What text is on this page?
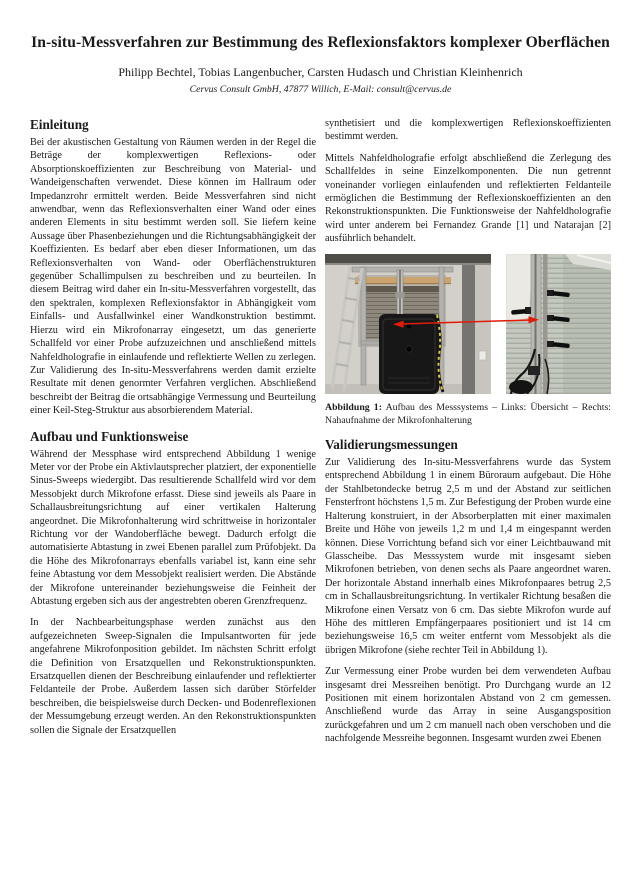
In-situ-Messverfahren zur Bestimmung des Reflexionsfaktors komplexer Oberflächen
Philipp Bechtel, Tobias Langenbucher, Carsten Hudasch und Christian Kleinhenrich
Cervus Consult GmbH, 47877 Willich, E-Mail: consult@cervus.de
Einleitung

Bei der akustischen Gestaltung von Räumen werden in der Regel die Beträge der komplexwertigen Reflexions- oder Absorptionskoeffizienten zur Beschreibung von Material- und Wandeigenschaften verwendet. Diese können im Hallraum oder Impedanzrohr ermittelt werden. Beide Messverfahren sind nicht anwendbar, wenn das Reflexionsverhalten einer Wand oder eines anderen Elements in situ bestimmt werden soll. Sie liefern keine Aussage über Phasenbeziehungen und die Richtungsabhängigkeit der Koeffizienten. Es bedarf aber eben dieser Informationen, um das Reflexionsverhalten von Wand- oder Oberflächenstrukturen gegenüber Schallimpulsen zu beschreiben und zu beurteilen. In diesem Beitrag wird daher ein In-situ-Messverfahren vorgestellt, das den spektralen, komplexen Reflexionsfaktor in Abhängigkeit vom Einfalls- und Ausfallwinkel einer Wandkonstruktion bestimmt. Hierzu wird ein Mikrofonarray eingesetzt, um das generierte Schallfeld vor einer Probe aufzuzeichnen und anschließend mittels Nahfeldholografie in einlaufende und reflektierte Wellen zu zerlegen. Zur Validierung des In-situ-Messverfahrens werden damit erzielte Resultate mit denen genormter Verfahren verglichen. Abschließend beschreibt der Beitrag die ortsabhängige Vermessung und Beurteilung einer Keil-Steg-Struktur aus absorbierendem Material.

Aufbau und Funktionsweise

Während der Messphase wird entsprechend Abbildung 1 wenige Meter vor der Probe ein Aktivlautsprecher platziert, der exponentielle Sinus-Sweeps wiedergibt. Das resultierende Schallfeld wird vor dem Messobjekt durch Mikrofone erfasst. Diese sind jeweils als Paare in Schallausbreitungsrichtung auf einer vertikalen Halterung angeordnet. Die Mikrofonhalterung wird schrittweise in horizontaler Richtung vor der Wandoberfläche bewegt. Dadurch erfolgt die automatisierte Abtastung in zwei Ebenen parallel zum Prüfobjekt. Da die Höhe des Mikrofonarrays ebenfalls variabel ist, kann eine sehr feine Abtastung vor dem Messobjekt realisiert werden. Die Abstände der Mikrofone untereinander beziehungsweise die Feinheit der Abtastung ergeben sich aus der angestrebten oberen Grenzfrequenz.

In der Nachbearbeitungsphase werden zunächst aus den aufgezeichneten Sweep-Signalen die Impulsantworten für jede angefahrene Mikrofonposition gebildet. Im nächsten Schritt erfolgt die Definition von Ersatzquellen und Rekonstruktionspunkten. Ersatzquellen dienen der Beschreibung einlaufender und reflektierter Feldanteile der Probe. Außerdem lassen sich darüber Störfelder beschreiben, die beispielsweise durch Decken- und Bodenreflexionen der Messumgebung erzeugt werden. An den Rekonstruktionspunkten sollen die Signale der Ersatzquellen

synthetisiert und die komplexwertigen Reflexionskoeffizienten bestimmt werden.

Mittels Nahfeldholografie erfolgt abschließend die Zerlegung des Schallfeldes in seine Einzelkomponenten. Die nun getrennt voneinander vorliegen einlaufenden und reflektierten Feldanteile ermöglichen die Bestimmung der Reflexionskoeffizienten an den Rekonstruktionspunkten. Die Funktionsweise der Nahfeldholografie wird unter anderem bei Fernandez Grande [1] und Natarajan [2] ausführlich behandelt.

Abbildung 1: Aufbau des Messsystems – Links: Übersicht – Rechts: Nahaufnahme der Mikrofonhalterung
Validierungsmessungen

Zur Validierung des In-situ-Messverfahrens wurde das System entsprechend Abbildung 1 in einem Büroraum aufgebaut. Die Höhe der Stahlbetondecke betrug 2,5 m und der Abstand zur seitlichen Fensterfront höchstens 1,5 m. Zur Befestigung der Proben wurde eine Halterung konstruiert, in der Absorberplatten mit einer maximalen Breite und Höhe von jeweils 1,2 m und 1,4 m eingespannt werden können. Diese Vorrichtung befand sich vor einer Leichtbauwand mit Glasscheibe. Das Messsystem wurde mit insgesamt sieben Mikrofonen betrieben, von denen sechs als Paare angeordnet waren. Der horizontale Abstand innerhalb eines Mikrofonpaares betrug 2,5 cm in Schallausbreitungsrichtung. In vertikaler Richtung besaßen die Mikrofone einen Versatz von 6 cm. Das siebte Mikrofon wurde auf Höhe des mittleren Empfängerpaares positioniert und ist 14 cm beziehungsweise 16,5 cm weiter entfernt vom Messobjekt als die übrigen Mikrofone (siehe rechter Teil in Abbildung 1).

Zur Vermessung einer Probe wurden bei dem verwendeten Aufbau insgesamt drei Messreihen benötigt. Pro Durchgang wurde an 12 Positionen mit einem horizontalen Abstand von 2 cm gemessen. Anschließend wurde das Array in seine Ausgangsposition zurückgefahren und um 2 cm manuell nach oben verschoben und die nachfolgende Messreihe begonnen. Insgesamt wurden zwei Ebenen
